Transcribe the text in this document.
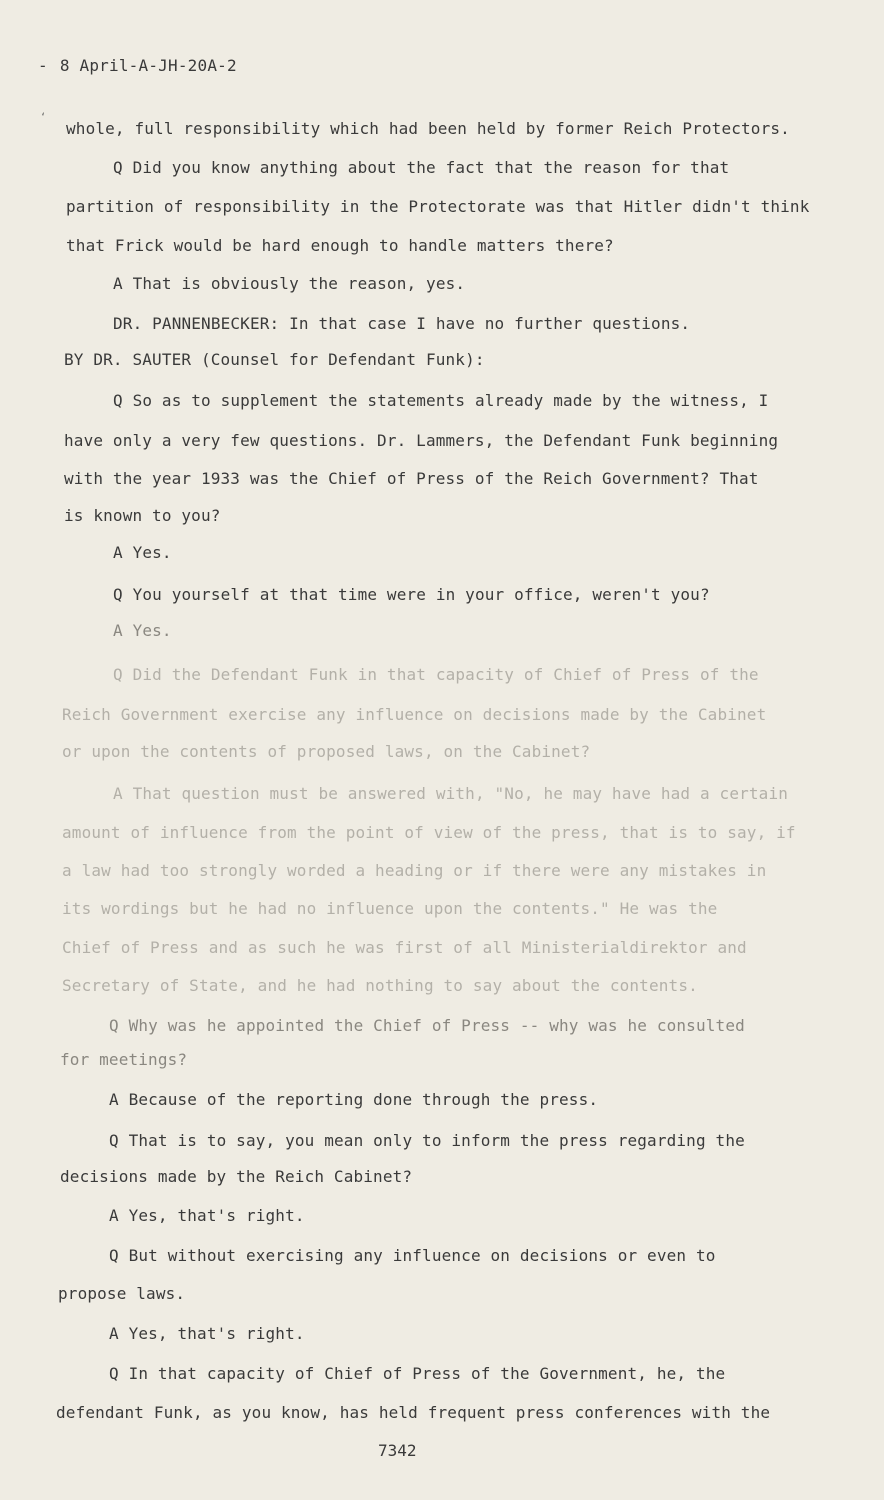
- 8 April-A-JH-20A-2
‘
whole, full responsibility which had been held by former Reich Protectors.
Q Did you know anything about the fact that the reason for that
partition of responsibility in the Protectorate was that Hitler didn't think
that Frick would be hard enough to handle matters there?
A That is obviously the reason, yes.
DR. PANNENBECKER: In that case I have no further questions.
BY DR. SAUTER (Counsel for Defendant Funk):
Q So as to supplement the statements already made by the witness, I
have only a very few questions. Dr. Lammers, the Defendant Funk beginning
with the year 1933 was the Chief of Press of the Reich Government? That
is known to you?
A Yes.
Q You yourself at that time were in your office, weren't you?
A Yes.
Q Did the Defendant Funk in that capacity of Chief of Press of the
Reich Government exercise any influence on decisions made by the Cabinet
or upon the contents of proposed laws, on the Cabinet?
A That question must be answered with, "No, he may have had a certain
amount of influence from the point of view of the press, that is to say, if
a law had too strongly worded a heading or if there were any mistakes in
its wordings but he had no influence upon the contents." He was the
Chief of Press and as such he was first of all Ministerialdirektor and
Secretary of State, and he had nothing to say about the contents.
Q Why was he appointed the Chief of Press -- why was he consulted
for meetings?
A Because of the reporting done through the press.
Q That is to say, you mean only to inform the press regarding the
decisions made by the Reich Cabinet?
A Yes, that's right.
Q But without exercising any influence on decisions or even to
propose laws.
A Yes, that's right.
Q In that capacity of Chief of Press of the Government, he, the
defendant Funk, as you know, has held frequent press conferences with the
7342
